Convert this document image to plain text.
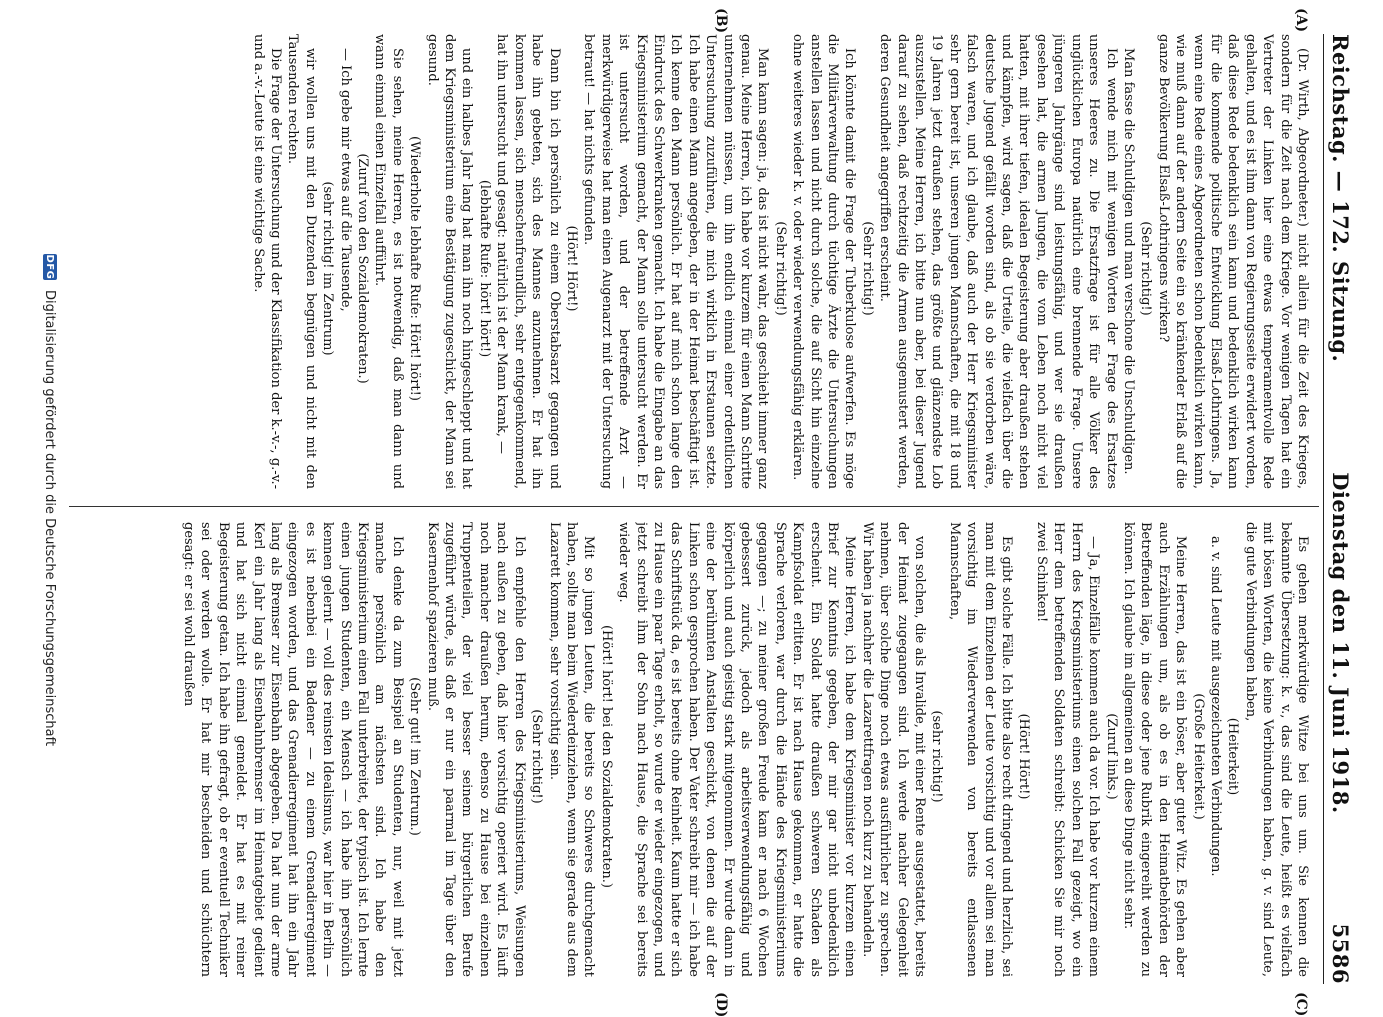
Reichstag. — 172. Sitzung.
Dienstag den 11. Juni 1918.
5586
(A)
(B)
(C)
(D)

(Dr. Wirth, Abgeordneter.) nicht allein für die Zeit des Krieges, sondern für die Zeit nach dem Kriege. Vor wenigen Tagen hat ein Vertreter der Linken hier eine etwas temperamentvolle Rede gehalten, und es ist ihm dann von Regierungsseite erwidert worden, daß diese Rede bedenklich sein kann und bedenklich wirken kann für die kommende politische Entwicklung Elsaß-Lothringens. Ja, wenn eine Rede eines Abgeordneten schon bedenklich wirken kann, wie muß dann auf der andern Seite ein so kränkender Erlaß auf die ganze Bevölkerung Elsaß-Lothringens wirken?

(Sehr richtig!)

Man fasse die Schuldigen und man verschone die Unschuldigen.

Ich wende mich mit wenigen Worten der Frage des Ersatzes unseres Heeres zu. Die Ersatzfrage ist für alle Völker des unglücklichen Europa natürlich eine brennende Frage. Unsere jüngeren Jahrgänge sind leistungsfähig, und wer sie draußen gesehen hat, die armen Jungen, die vom Leben noch nicht viel hatten, mit ihrer tiefen, idealen Begeisterung aber draußen stehen und kämpfen, wird sagen, daß die Urteile, die vielfach über die deutsche Jugend gefällt worden sind, als ob sie verdorben wäre, falsch waren, und ich glaube, daß auch der Herr Kriegsminister sehr gern bereit ist, unseren jungen Mannschaften, die mit 18 und 19 Jahren jetzt draußen stehen, das größte und glänzendste Lob auszustellen. Meine Herren, ich bitte nun aber, bei dieser Jugend darauf zu sehen, daß rechtzeitig die Armen ausgemustert werden, deren Gesundheit angegriffen erscheint.

(Sehr richtig!)

Ich könnte damit die Frage der Tuberkulose aufwerfen. Es möge die Militärverwaltung durch tüchtige Ärzte die Untersuchungen anstellen lassen und nicht durch solche, die auf Sicht hin einzelne ohne weiteres wieder k. v. oder wieder verwendungsfähig erklären.

(Sehr richtig!)

Man kann sagen: ja, das ist nicht wahr, das geschieht immer ganz genau. Meine Herren, ich habe vor kurzem für einen Mann Schritte unternehmen müssen, um ihn endlich einmal einer ordentlichen Untersuchung zuzuführen, die mich wirklich in Erstaunen setzte. Ich habe einen Mann angegeben, der in der Heimat beschäftigt ist. Ich kenne den Mann persönlich. Er hat auf mich schon lange den Eindruck des Schwerkranken gemacht. Ich habe die Eingabe an das Kriegsministerium gemacht, der Mann solle untersucht werden. Er ist untersucht worden, und der betreffende Arzt — merkwürdigerweise hat man einen Augenarzt mit der Untersuchung betraut! — hat nichts gefunden.

(Hört! Hört!)

Dann bin ich persönlich zu einem Oberstabsarzt gegangen und habe ihn gebeten, sich des Mannes anzunehmen. Er hat ihn kommen lassen, sich menschenfreundlich, sehr entgegenkommend, hat ihn untersucht und gesagt: natürlich ist der Mann krank, —

(lebhafte Rufe: hört! hört!)

und ein halbes Jahr lang hat man ihn noch hingeschleppt und hat dem Kriegsministerium eine Bestätigung zugeschickt, der Mann sei gesund.

(Wiederholte lebhafte Rufe: Hört! hört!)

Sie sehen, meine Herren, es ist notwendig, daß man dann und wann einmal einen Einzelfall aufführt.

(Zuruf von den Sozialdemokraten.)

— Ich gebe mir etwas auf die Tausende,

(sehr richtig! im Zentrum)

wir wollen uns mit den Dutzenden begnügen und nicht mit den Tausenden rechten.

Die Frage der Untersuchung und der Klassifikation der k.-v.-, g.-v.- und a.-v.-Leute ist eine wichtige Sache.

Es gehen merkwürdige Witze bei uns um. Sie kennen die bekannte Übersetzung: k. v., das sind die Leute, heißt es vielfach mit bösen Worten, die keine Verbindungen haben, g. v. sind Leute, die gute Verbindungen haben,

(Heiterkeit)

a. v. sind Leute mit ausgezeichneten Verbindungen.

(Große Heiterkeit.)

Meine Herren, das ist ein böser, aber guter Witz. Es gehen aber auch Erzählungen um, als ob es in den Heimatbehörden der Betreffenden läge, in diese oder jene Rubrik eingereiht werden zu können. Ich glaube im allgemeinen an diese Dinge nicht sehr.

(Zuruf links.)

— Ja, Einzelfälle kommen auch da vor. Ich habe vor kurzem einem Herrn des Kriegsministeriums einen solchen Fall gezeigt, wo ein Herr dem betreffenden Soldaten schreibt: Schicken Sie mir noch zwei Schinken!

(Hört! Hört!)

Es gibt solche Fälle. Ich bitte also recht dringend und herzlich, sei man mit dem Einzelnen der Leute vorsichtig und vor allem sei man vorsichtig im Wiederverwenden von bereits entlassenen Mannschaften,

(sehr richtig!)

von solchen, die als Invalide, mit einer Rente ausgestattet, bereits der Heimat zugegangen sind. Ich werde nachher Gelegenheit nehmen, über solche Dinge noch etwas ausführlicher zu sprechen. Wir haben ja nachher die Lazarettfragen noch kurz zu behandeln.

Meine Herren, ich habe dem Kriegsminister vor kurzem einen Brief zur Kenntnis gegeben, der mir gar nicht unbedenklich erscheint. Ein Soldat hatte draußen schweren Schaden als Kampfsoldat erlitten. Er ist nach Hause gekommen, er hatte die Sprache verloren, war durch die Hände des Kriegsministeriums gegangen —; zu meiner großen Freude kam er nach 6 Wochen gebessert zurück, jedoch als arbeitsverwendungsfähig und körperlich und auch geistig stark mitgenommen. Er wurde dann in eine der berühmten Anstalten geschickt, von denen die auf der Linken schon gesprochen haben. Der Vater schreibt mir — ich habe das Schriftstück da, es ist bereits ohne Reinheit. Kaum hatte er sich zu Hause ein paar Tage erholt, so wurde er wieder eingezogen, und jetzt schreibt ihm der Sohn nach Hause, die Sprache sei bereits wieder weg.

(Hört! hört! bei den Sozialdemokraten.)

Mit so jungen Leuten, die bereits so Schweres durchgemacht haben, sollte man beim Wiederdeinziehen, wenn sie gerade aus dem Lazarett kommen, sehr vorsichtig sein.

(Sehr richtig!)

Ich empfehle den Herren des Kriegsministeriums, Weisungen nach außen zu geben, daß hier vorsichtig operiert wird. Es läuft noch mancher draußen herum, ebenso zu Hause bei einzelnen Truppenteilen, der viel besser seinem bürgerlichen Berufe zugeführt würde, als daß er nur ein paarmal im Tage über den Kasernenhof spazieren muß.

(Sehr gut! im Zentrum.)

Ich denke da zum Beispiel an Studenten, nur, weil mit jetzt manche persönlich am nächsten sind. Ich habe den Kriegsministerium einen Fall unterbreitet, der typisch ist. Ich lernte einen jungen Studenten, ein Mensch — ich habe ihn persönlich kennen gelernt — voll des reinsten Idealismus, war hier in Berlin — es ist nebenbei ein Badener — zu einem Grenadierregiment eingezogen worden, und das Grenadierregiment hat ihn ein Jahr lang als Bremser zur Eisenbahn abgegeben. Da hat nun der arme Kerl ein Jahr lang als Eisenbahnbremser im Heimatgebiet gedient und hat sich nicht einmal gemeldet. Er hat es mit reiner Begeisterung getan. Ich habe ihn gefragt, ob er eventuell Techniker sei oder werden wolle. Er hat mir bescheiden und schüchtern gesagt: er sei wohl draußen

DFG
Digitalisierung gefördert durch die Deutsche Forschungsgemeinschaft
